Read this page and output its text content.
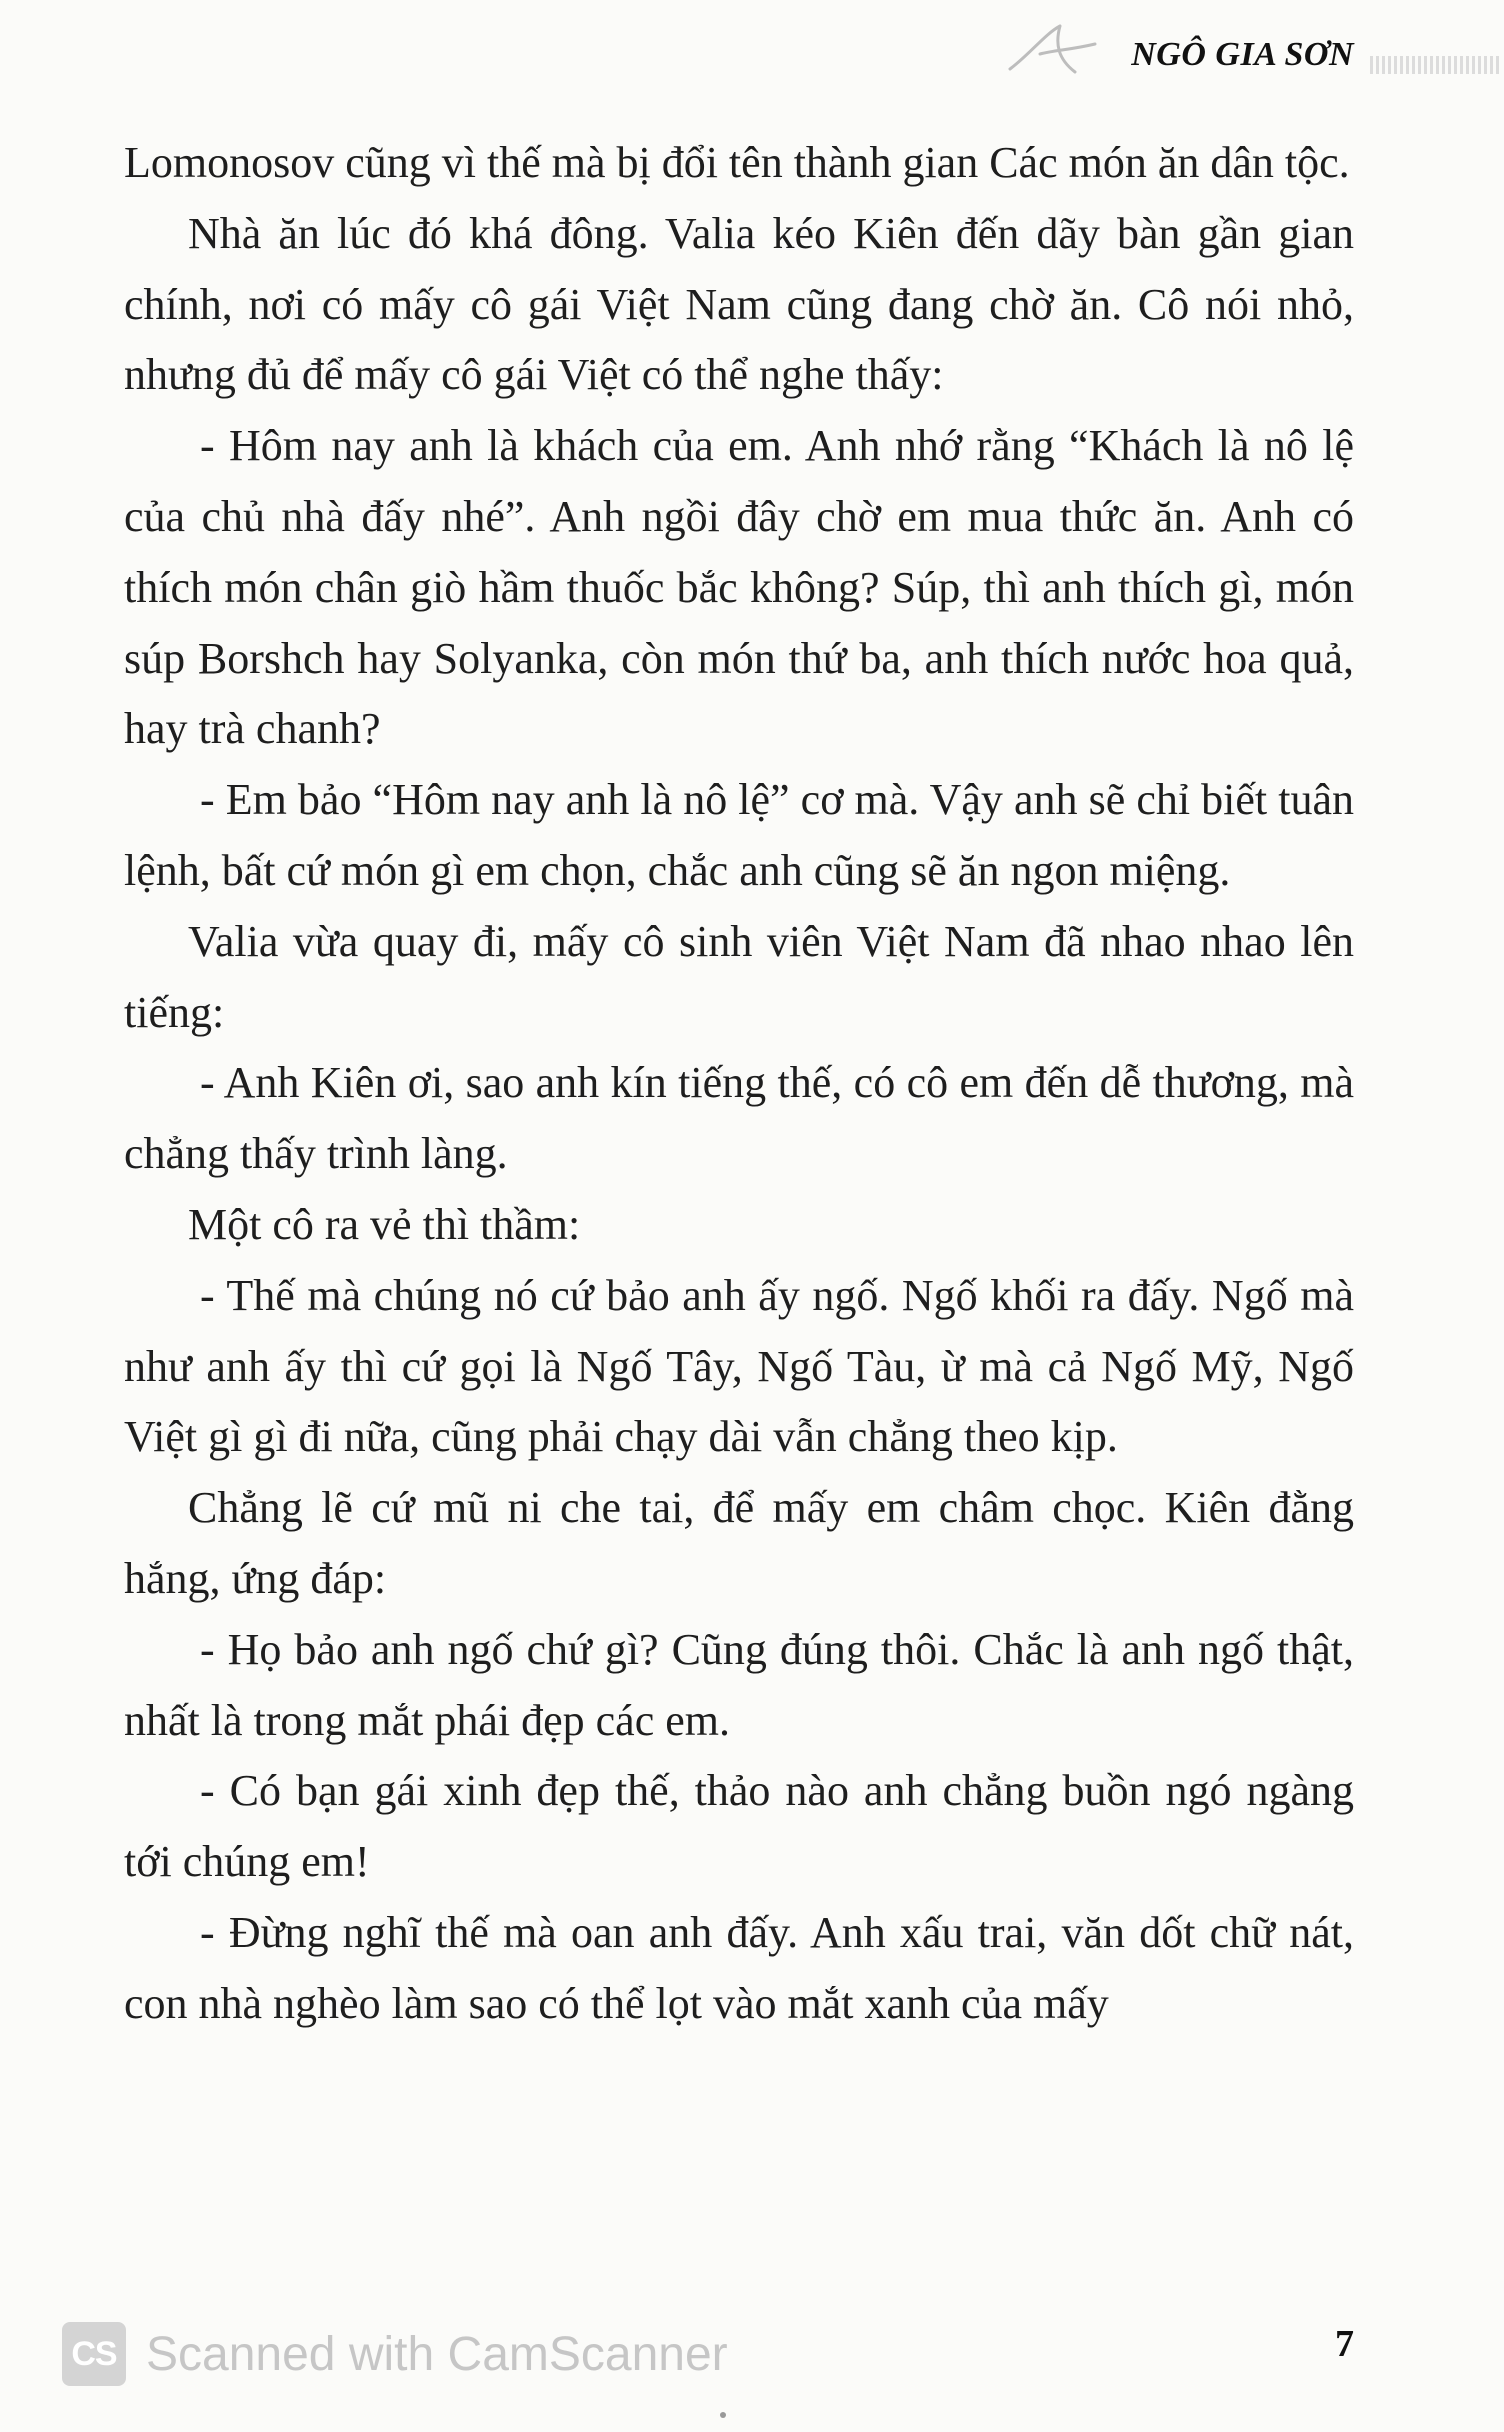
NGÔ GIA SƠN

Lomonosov cũng vì thế mà bị đổi tên thành gian Các món ăn dân tộc.

Nhà ăn lúc đó khá đông. Valia kéo Kiên đến dãy bàn gần gian chính, nơi có mấy cô gái Việt Nam cũng đang chờ ăn. Cô nói nhỏ, nhưng đủ để mấy cô gái Việt có thể nghe thấy:

- Hôm nay anh là khách của em. Anh nhớ rằng “Khách là nô lệ của chủ nhà đấy nhé”. Anh ngồi đây chờ em mua thức ăn. Anh có thích món chân giò hầm thuốc bắc không? Súp, thì anh thích gì, món súp Borshch hay Solyanka, còn món thứ ba, anh thích nước hoa quả, hay trà chanh?

- Em bảo “Hôm nay anh là nô lệ” cơ mà. Vậy anh sẽ chỉ biết tuân lệnh, bất cứ món gì em chọn, chắc anh cũng sẽ ăn ngon miệng.

Valia vừa quay đi, mấy cô sinh viên Việt Nam đã nhao nhao lên tiếng:

- Anh Kiên ơi, sao anh kín tiếng thế, có cô em đến dễ thương, mà chẳng thấy trình làng.

Một cô ra vẻ thì thầm:

- Thế mà chúng nó cứ bảo anh ấy ngố. Ngố khối ra đấy. Ngố mà như anh ấy thì cứ gọi là Ngố Tây, Ngố Tàu, ừ mà cả Ngố Mỹ, Ngố Việt gì gì đi nữa, cũng phải chạy dài vẫn chẳng theo kịp.

Chẳng lẽ cứ mũ ni che tai, để mấy em châm chọc. Kiên đằng hắng, ứng đáp:

- Họ bảo anh ngố chứ gì? Cũng đúng thôi. Chắc là anh ngố thật, nhất là trong mắt phái đẹp các em.

- Có bạn gái xinh đẹp thế, thảo nào anh chẳng buồn ngó ngàng tới chúng em!

- Đừng nghĩ thế mà oan anh đấy. Anh xấu trai, văn dốt chữ nát, con nhà nghèo làm sao có thể lọt vào mắt xanh của mấy

7
CS Scanned with CamScanner
